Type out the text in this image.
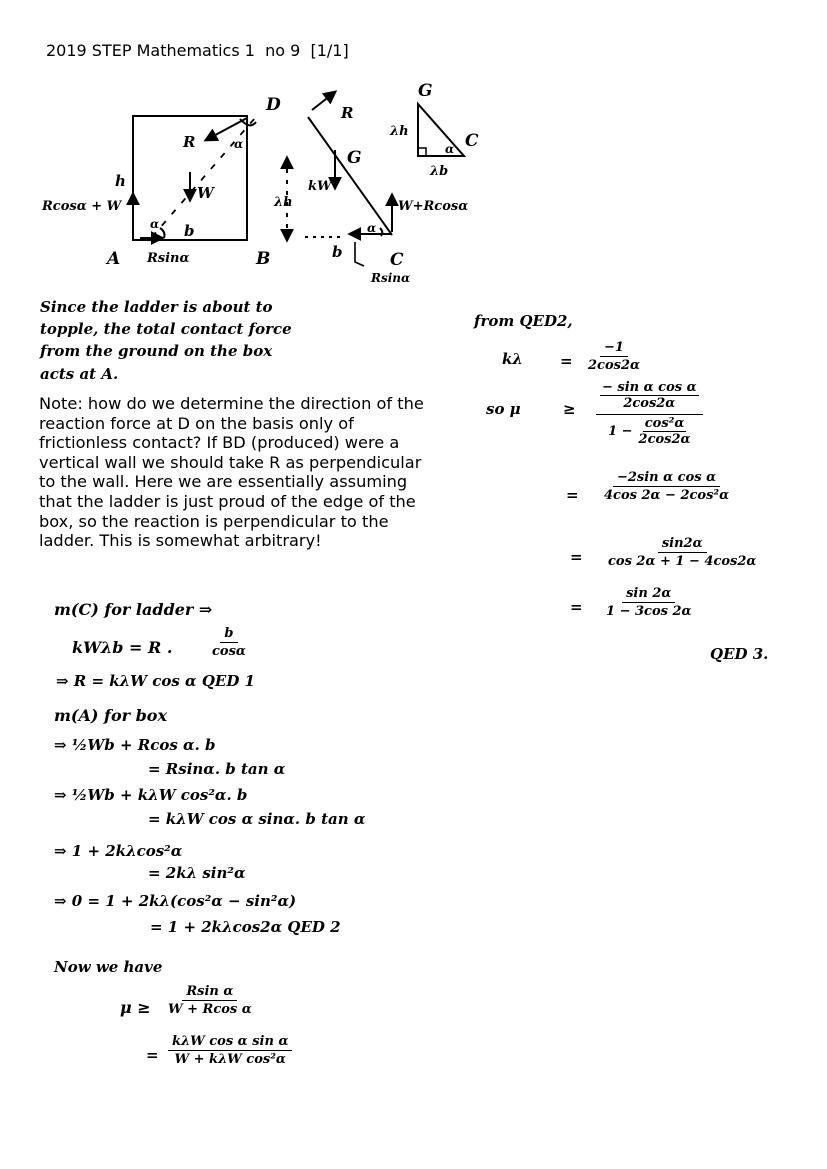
2019 STEP Mathematics 1  no 9  [1/1]
D
R	α
h
W
Rcosα + W
α b
A Rsinα	B
λh
R
G
kW
W+Rcosα
α
b	C
Rsinα
G
λh	C
α
λb
Since the ladder is about to
topple, the total contact force
from the ground on the box
acts at A.
Note: how do we determine the direction of the reaction force at D on the basis only of frictionless contact? If BD (produced) were a vertical wall we should take R as perpendicular to the wall. Here we are essentially assuming that the ladder is just proud of the edge of the box, so the reaction is perpendicular to the ladder. This is somewhat arbitrary!
m(C) for ladder ⇒
kWλb = R .	$\frac{b}{\cos\alpha}$
⇒ R = kλW cos α QED 1
m(A) for box
⇒ ½Wb + Rcos α. b
= Rsinα. b tan α
⇒ ½Wb + kλW cos²α. b
= kλW cos α sinα. b tan α
⇒ 1 + 2kλcos²α
= 2kλ sin²α
⇒ 0 = 1 + 2kλ(cos²α − sin²α)
= 1 + 2kλcos2α QED 2
Now we have
$\mu \ge \frac{\text{Rsin α}}{\text{W + Rcos α}}$
=
kλW cos α sin α
W + kλW cos²α
from QED2,
$k\lambda = \frac{-1}{2\cos 2\alpha}$
so μ	≥ $\frac{\frac{\text{− sin α cos α}}{2\cos 2\alpha}}{1 - \frac{\text{cos²α}}{2\cos 2\alpha}}$
= $\frac{\text{−2sin α cos α}}{\text{4cos 2α − 2cos²α}}$
= $\frac{\sin 2\alpha}{\cos 2\alpha + 1 - 4\cos 2\alpha}$
= $\frac{\sin 2\alpha}{1 - 3\cos 2\alpha}$
QED 3.
